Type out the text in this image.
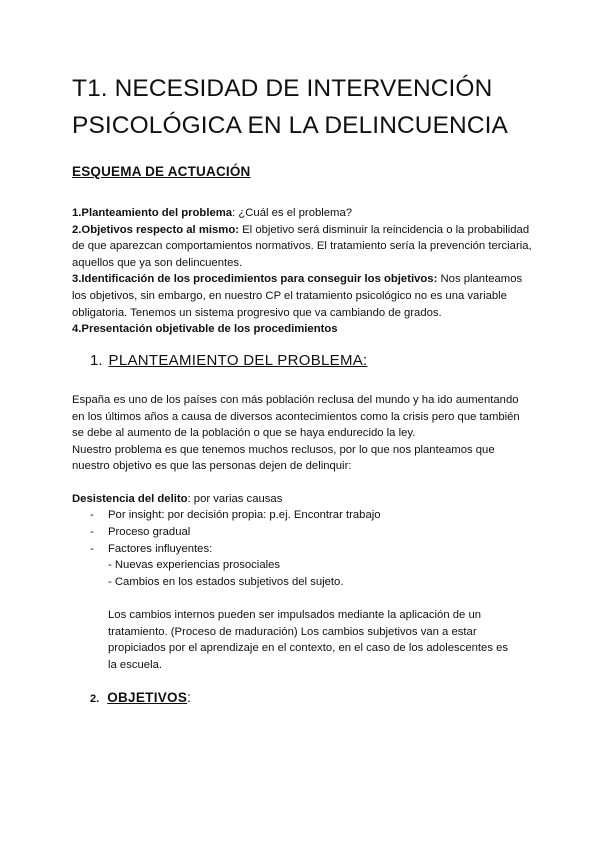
T1. NECESIDAD DE INTERVENCIÓN
PSICOLÓGICA EN LA DELINCUENCIA
ESQUEMA DE ACTUACIÓN

1.Planteamiento del problema: ¿Cuál es el problema?
2.Objetivos respecto al mismo: El objetivo será disminuir la reincidencia o la probabilidad de que aparezcan comportamientos normativos. El tratamiento sería la prevención terciaria, aquellos que ya son delincuentes.
3.Identificación de los procedimientos para conseguir los objetivos: Nos planteamos los objetivos, sin embargo, en nuestro CP el tratamiento psicológico no es una variable obligatoria. Tenemos un sistema progresivo que va cambiando de grados.
4.Presentación objetivable de los procedimientos

1. PLANTEAMIENTO DEL PROBLEMA:

España es uno de los países con más población reclusa del mundo y ha ido aumentando en los últimos años a causa de diversos acontecimientos como la crisis pero que también se debe al aumento de la población o que se haya endurecido la ley.
Nuestro problema es que tenemos muchos reclusos, por lo que nos planteamos que nuestro objetivo es que las personas dejen de delinquir:

Desistencia del delito: por varias causas

- Por insight: por decisión propia: p.ej. Encontrar trabajo
- Proceso gradual
- Factores influyentes:
- Nuevas experiencias prosociales
- Cambios en los estados subjetivos del sujeto.

Los cambios internos pueden ser impulsados mediante la aplicación de un tratamiento. (Proceso de maduración) Los cambios subjetivos van a estar propiciados por el aprendizaje en el contexto, en el caso de los adolescentes es la escuela.

2. OBJETIVOS:
